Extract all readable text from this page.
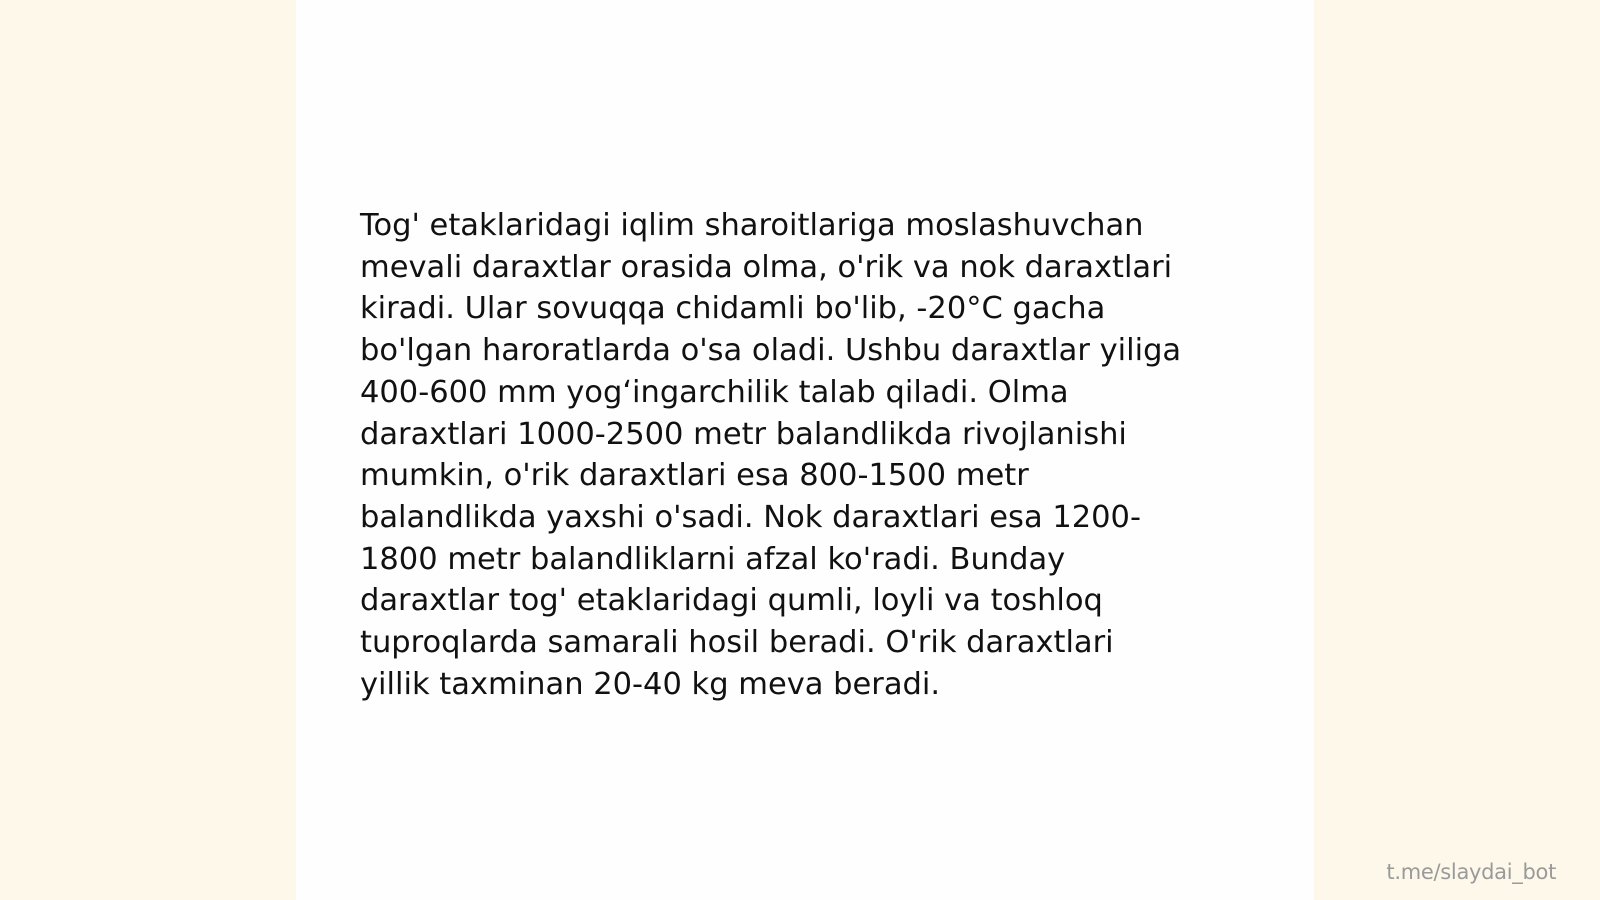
Tog' etaklaridagi iqlim sharoitlariga moslashuvchan
mevali daraxtlar orasida olma, o'rik va nok daraxtlari
kiradi. Ular sovuqqa chidamli bo'lib, -20°C gacha
bo'lgan haroratlarda o'sa oladi. Ushbu daraxtlar yiliga
400-600 mm yog‘ingarchilik talab qiladi. Olma
daraxtlari 1000-2500 metr balandlikda rivojlanishi
mumkin, o'rik daraxtlari esa 800-1500 metr
balandlikda yaxshi o'sadi. Nok daraxtlari esa 1200-
1800 metr balandliklarni afzal ko'radi. Bunday
daraxtlar tog' etaklaridagi qumli, loyli va toshloq
tuproqlarda samarali hosil beradi. O'rik daraxtlari
yillik taxminan 20-40 kg meva beradi.

t.me/slaydai_bot
